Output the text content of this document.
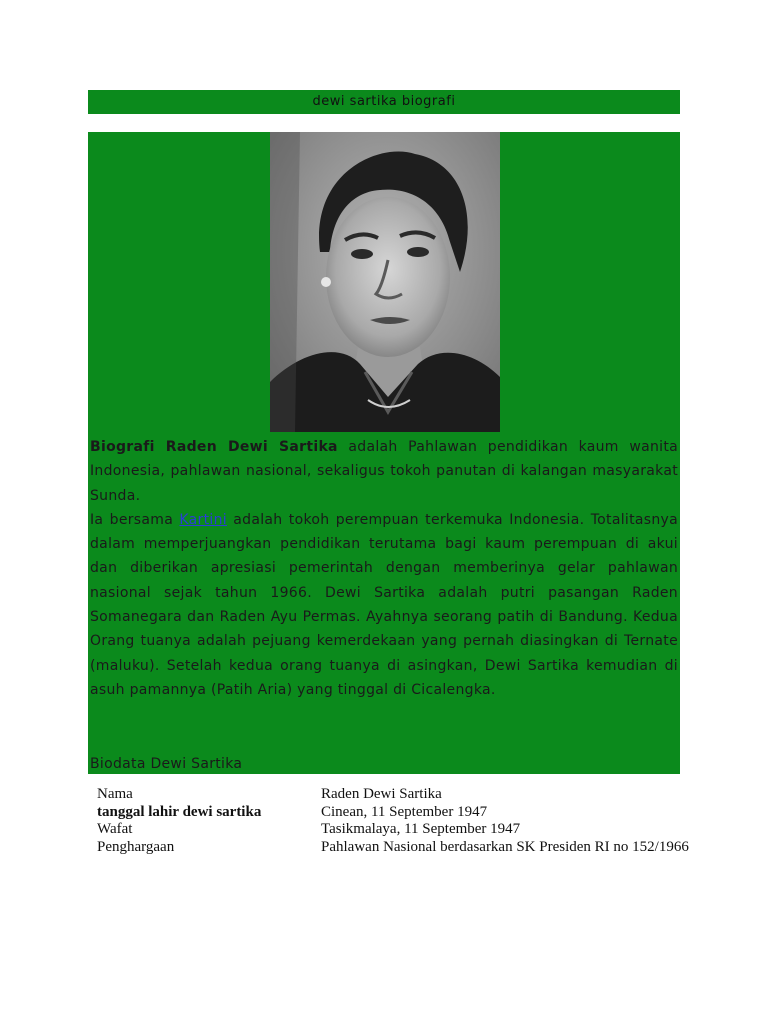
dewi sartika biografi

Biografi Raden Dewi Sartika adalah Pahlawan pendidikan kaum wanita Indonesia, pahlawan nasional, sekaligus tokoh panutan di kalangan masyarakat Sunda.

Ia bersama Kartini adalah tokoh perempuan terkemuka Indonesia. Totalitasnya dalam memperjuangkan pendidikan terutama bagi kaum perempuan di akui dan diberikan apresiasi pemerintah dengan memberinya gelar pahlawan nasional sejak tahun 1966. Dewi Sartika adalah putri pasangan Raden Somanegara dan Raden Ayu Permas. Ayahnya seorang patih di Bandung. Kedua Orang tuanya adalah pejuang kemerdekaan yang pernah diasingkan di Ternate (maluku). Setelah kedua orang tuanya di asingkan, Dewi Sartika kemudian di asuh pamannya (Patih Aria) yang tinggal di Cicalengka.

Biodata Dewi Sartika
Nama	Raden Dewi Sartika
tanggal lahir dewi sartika	Cinean, 11 September 1947
Wafat	Tasikmalaya, 11 September 1947
Penghargaan	Pahlawan Nasional berdasarkan SK Presiden RI no 152/1966
